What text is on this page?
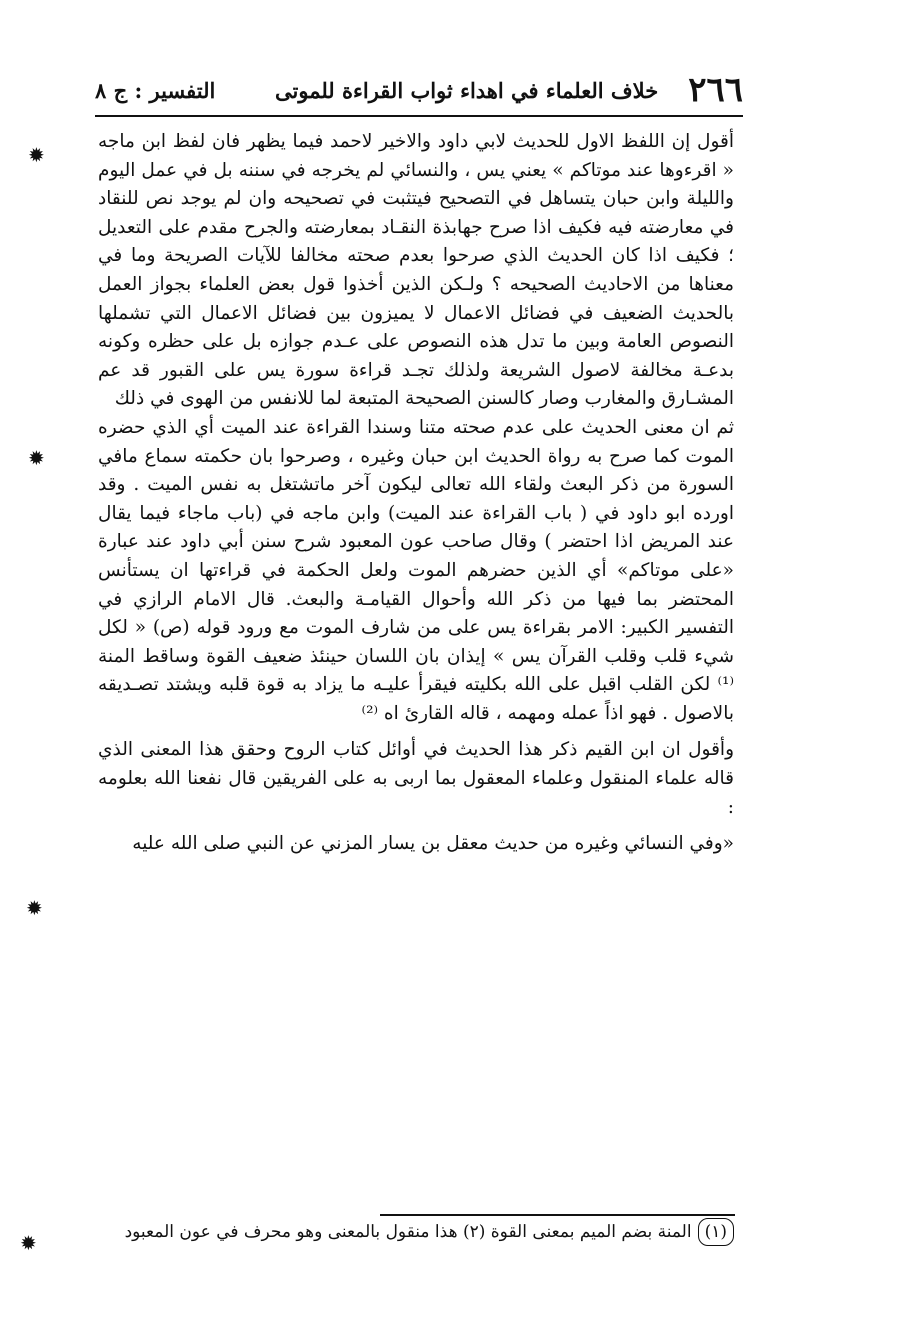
٢٦٦
خلاف العلماء في اهداء ثواب القراءة للموتى
التفسير : ج ٨

أقول إن اللفظ الاول للحديث لابي داود والاخير لاحمد فيما يظهر فان لفظ ابن ماجه « اقرءوها عند موتاكم » يعني يس ، والنسائي لم يخرجه في سننه بل في عمل اليوم والليلة وابن حبان يتساهل في التصحيح فيتثبت في تصحيحه وان لم يوجد نص للنقاد في معارضته فيه فكيف اذا صرح جهابذة النقـاد بمعارضته والجرح مقدم على التعديل ؛ فكيف اذا كان الحديث الذي صرحوا بعدم صحته مخالفا للآيات الصريحة وما في معناها من الاحاديث الصحيحه ؟ ولـكن الذين أخذوا قول بعض العلماء بجواز العمل بالحديث الضعيف في فضائل الاعمال لا يميزون بين فضائل الاعمال التي تشملها النصوص العامة وبين ما تدل هذه النصوص على عـدم جوازه بل على حظره وكونه بدعـة مخالفة لاصول الشريعة ولذلك تجـد قراءة سورة يس على القبور قد عم المشـارق والمغارب وصار كالسنن الصحيحة المتبعة لما للانفس من الهوى في ذلك

ثم ان معنى الحديث على عدم صحته متنا وسندا القراءة عند الميت أي الذي حضره الموت كما صرح به رواة الحديث ابن حبان وغيره ، وصرحوا بان حكمته سماع مافي السورة من ذكر البعث ولقاء الله تعالى ليكون آخر ماتشتغل به نفس الميت . وقد اورده ابو داود في ( باب القراءة عند الميت) وابن ماجه في (باب ماجاء فيما يقال عند المريض اذا احتضر ) وقال صاحب عون المعبود شرح سنن أبي داود عند عبارة «على موتاكم» أي الذين حضرهم الموت ولعل الحكمة في قراءتها ان يستأنس المحتضر بما فيها من ذكر الله وأحوال القيامـة والبعث. قال الامام الرازي في التفسير الكبير: الامر بقراءة يس على من شارف الموت مع ورود قوله (ص) « لكل شيء قلب وقلب القرآن يس » إيذان بان اللسان حينئذ ضعيف القوة وساقط المنة ⁽¹⁾ لكن القلب اقبل على الله بكليته فيقرأ عليـه ما يزاد به قوة قلبه ويشتد تصـديقه بالاصول . فهو اذاً عمله ومهمه ، قاله القارئ اه ⁽²⁾

وأقول ان ابن القيم ذكر هذا الحديث في أوائل كتاب الروح وحقق هذا المعنى الذي قاله علماء المنقول وعلماء المعقول بما اربى به على الفريقين قال نفعنا الله بعلومه :

«وفي النسائي وغيره من حديث معقل بن يسار المزني عن النبي صلى الله عليه

(١)المنة بضم الميم بمعنى القوة (٢) هذا منقول بالمعنى وهو محرف في عون المعبود
✹
✹
✹
✹
